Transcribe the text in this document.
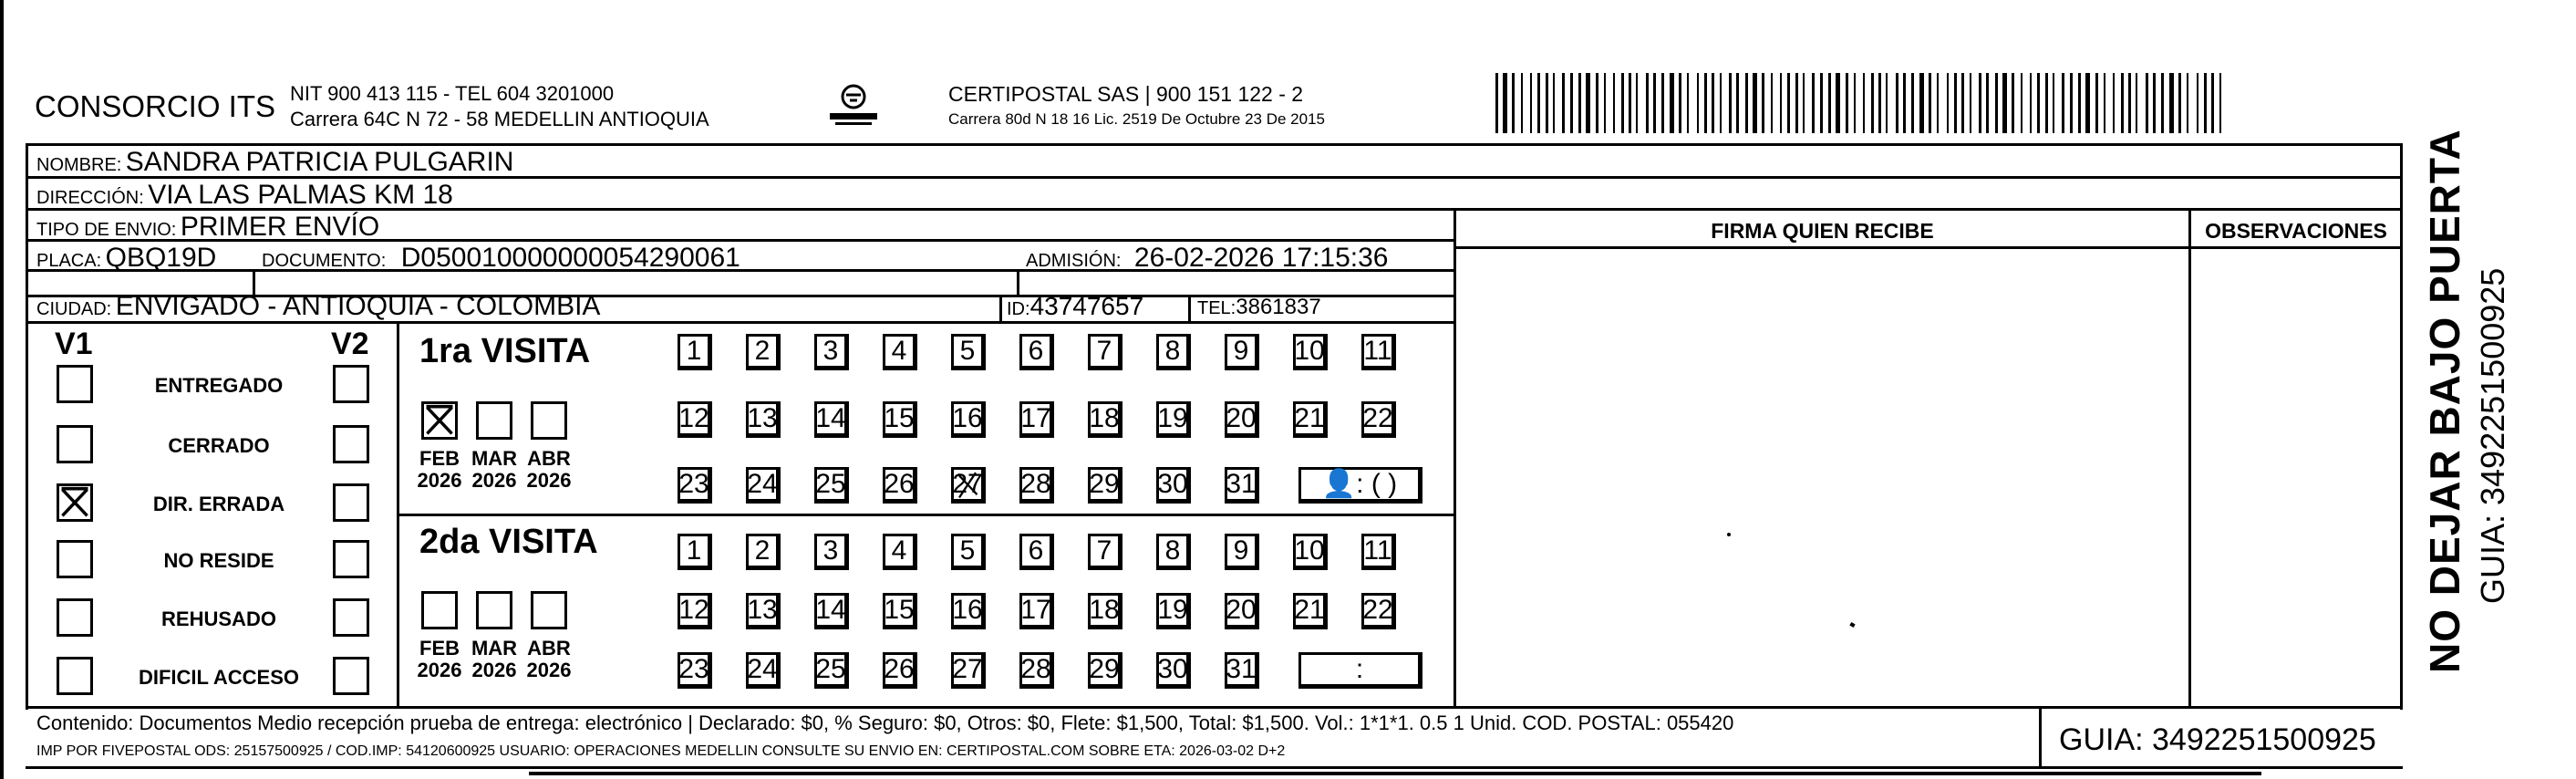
CONSORCIO ITS NIT 900 413 115 - TEL 604 3201000
Carrera 64C N 72 - 58 MEDELLIN ANTIOQUIA
CERTIPOSTAL SAS | 900 151 122 - 2
Carrera 80d N 18 16 Lic. 2519 De Octubre 23 De 2015
NOMBRE: SANDRA PATRICIA PULGARIN
DIRECCIÓN: VIA LAS PALMAS KM 18
TIPO DE ENVIO: PRIMER ENVÍO
PLACA: QBQ19D DOCUMENTO: D050010000000054290061	ADMISIÓN: 26-02-2026 17:15:36
CIUDAD: ENVIGADO - ANTIOQUIA - COLOMBIA	ID:43747657	TEL:3861837
FIRMA QUIEN RECIBE	OBSERVACIONES
V1	V2
ENTREGADO
CERRADO
DIR. ERRADA
NO RESIDE
REHUSADO
DIFICIL ACCESO
1ra VISITA
2da VISITA
FEB
2026
MAR
2026
ABR
2026
FEB
2026
MAR
2026
ABR
2026
1 2 3 4 5 6 7 8 9 10 11
12 13 14 15 16 17 18 19 20 21 22
23 24 25 26 27 28 29 30 31	👤: ( )
1 2 3 4 5 6 7 8 9 10 11
12 13 14 15 16 17 18 19 20 21 22
23 24 25 26 27 28 29 30 31	:
Contenido: Documentos Medio recepción prueba de entrega: electrónico | Declarado: $0, % Seguro: $0, Otros: $0, Flete: $1,500, Total: $1,500. Vol.: 1*1*1. 0.5 1 Unid. COD. POSTAL: 055420
IMP POR FIVEPOSTAL ODS: 25157500925 / COD.IMP: 54120600925 USUARIO: OPERACIONES MEDELLIN CONSULTE SU ENVIO EN: CERTIPOSTAL.COM SOBRE ETA: 2026-03-02 D+2	GUIA: 3492251500925
NO DEJAR BAJO PUERTA GUIA: 3492251500925
